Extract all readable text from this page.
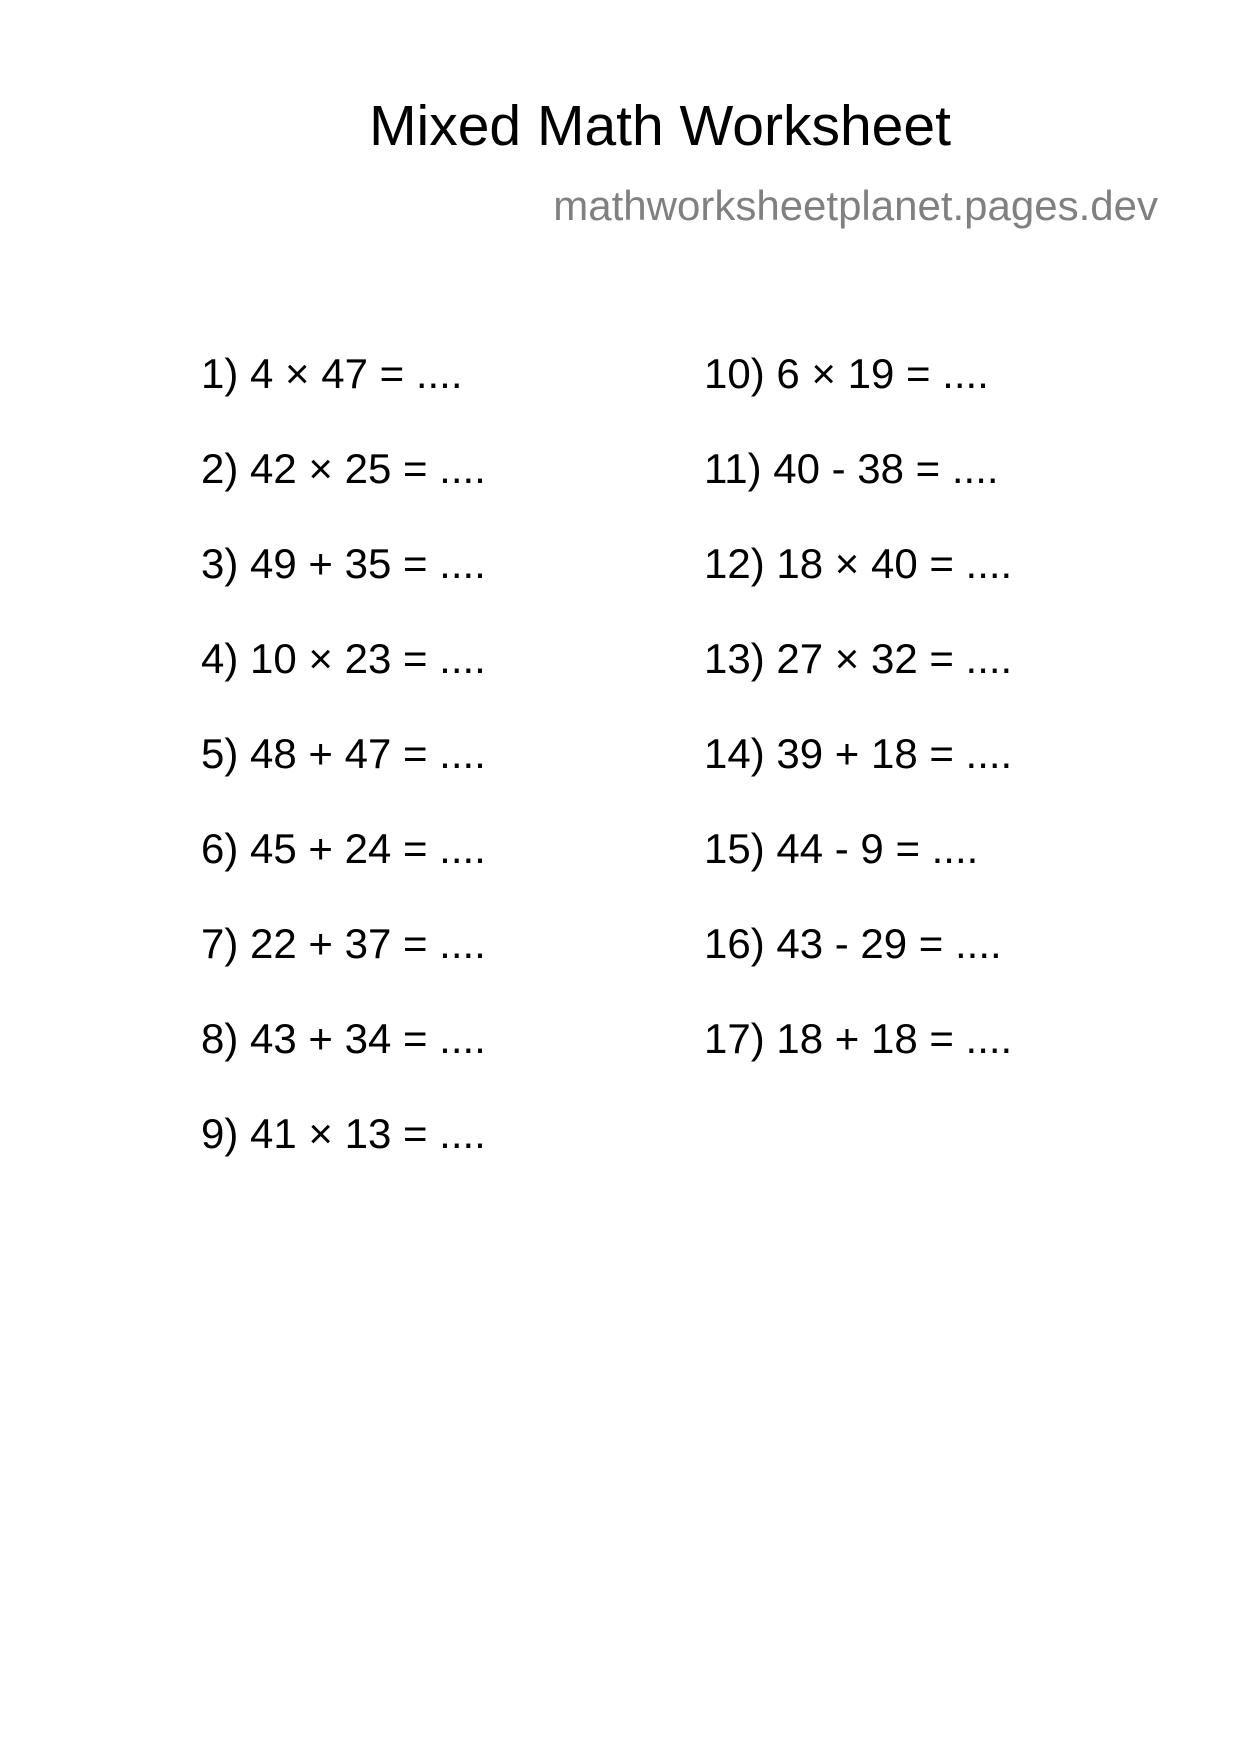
Mixed Math Worksheet
mathworksheetplanet.pages.dev
1) 4 × 47 = ....
2) 42 × 25 = ....
3) 49 + 35 = ....
4) 10 × 23 = ....
5) 48 + 47 = ....
6) 45 + 24 = ....
7) 22 + 37 = ....
8) 43 + 34 = ....
9) 41 × 13 = ....
10) 6 × 19 = ....
11) 40 - 38 = ....
12) 18 × 40 = ....
13) 27 × 32 = ....
14) 39 + 18 = ....
15) 44 - 9 = ....
16) 43 - 29 = ....
17) 18 + 18 = ....
